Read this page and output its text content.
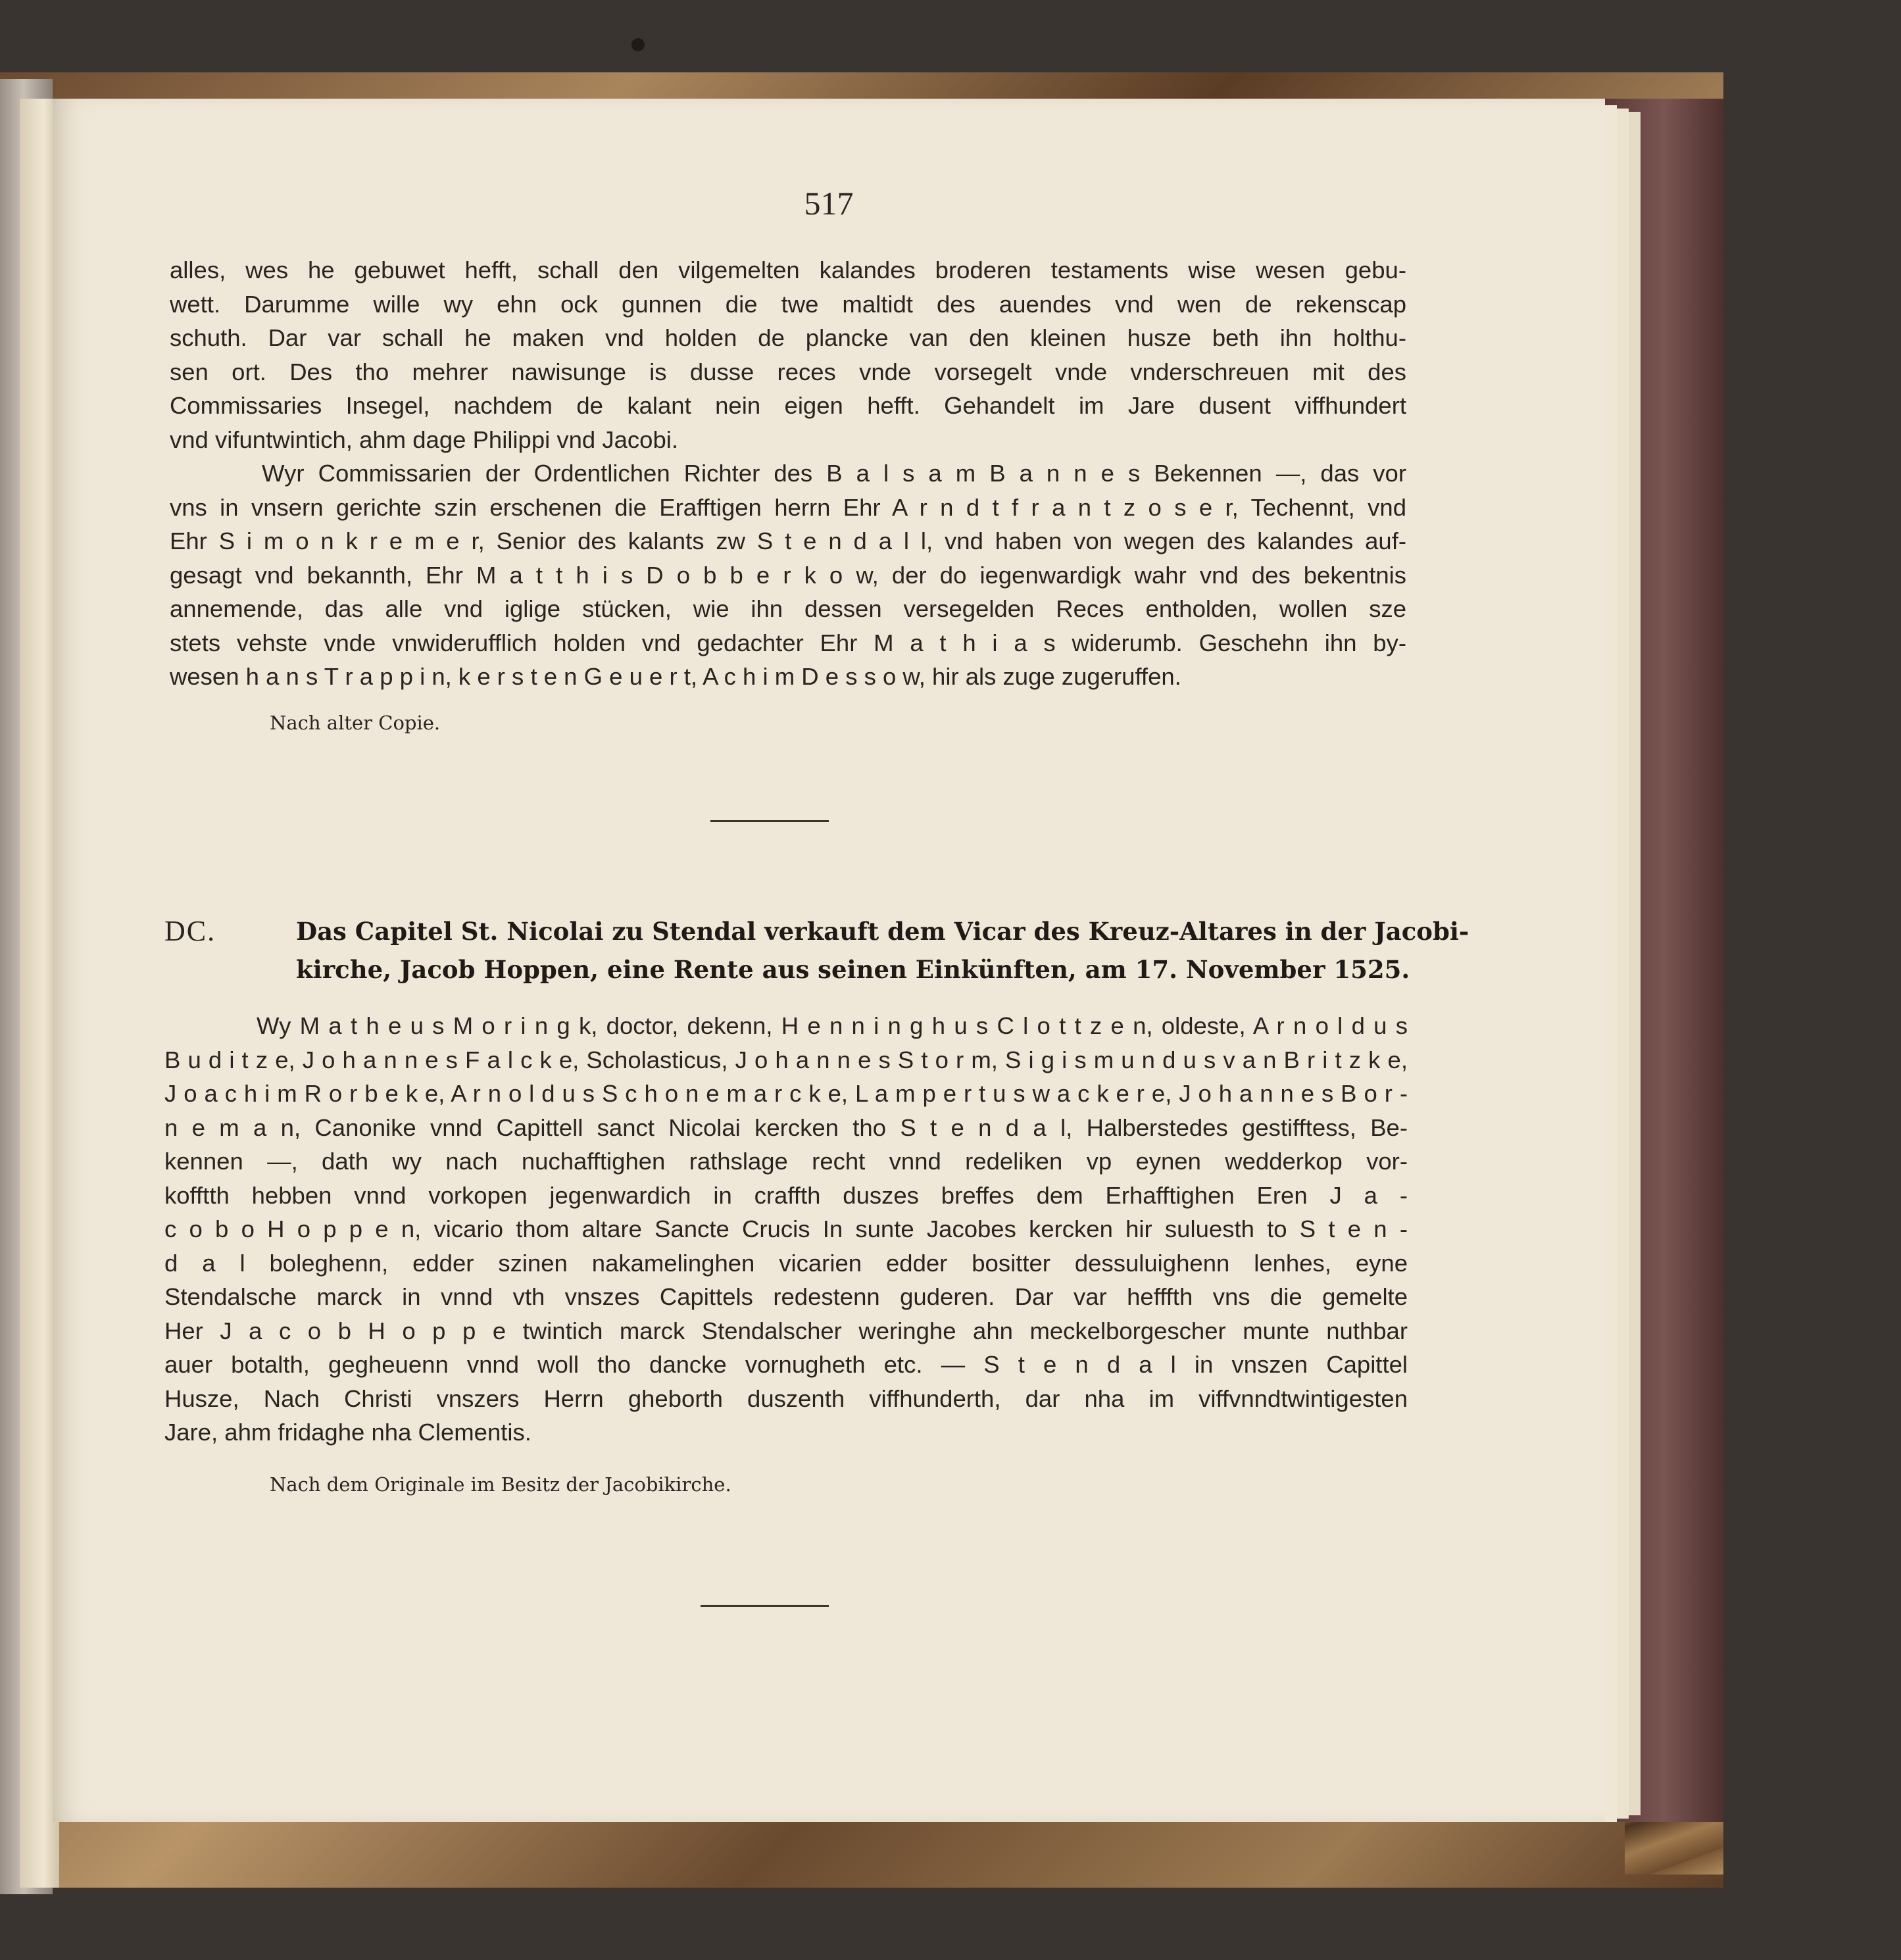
517
alles, wes he gebuwet hefft, schall den vilgemelten kalandes broderen testaments wise wesen gebu-
wett. Darumme wille wy ehn ock gunnen die twe maltidt des auendes vnd wen de rekenscap
schuth. Dar var schall he maken vnd holden de plancke van den kleinen husze beth ihn holthu-
sen ort. Des tho mehrer nawisunge is dusse reces vnde vorsegelt vnde vnderschreuen mit des
Commissaries Insegel, nachdem de kalant nein eigen hefft. Gehandelt im Jare dusent viffhundert
vnd vifuntwintich, ahm dage Philippi vnd Jacobi.
Wyr Commissarien der Ordentlichen Richter des B a l s a m B a n n e s Bekennen —, das vor
vns in vnsern gerichte szin erschenen die Erafftigen herrn Ehr A r n d t f r a n t z o s e r, Techennt, vnd
Ehr S i m o n k r e m e r, Senior des kalants zw S t e n d a l l, vnd haben von wegen des kalandes auf-
gesagt vnd bekannth, Ehr M a t t h i s D o b b e r k o w, der do iegenwardigk wahr vnd des bekentnis
annemende, das alle vnd iglige stücken, wie ihn dessen versegelden Reces entholden, wollen sze
stets vehste vnde vnwiderufflich holden vnd gedachter Ehr M a t h i a s widerumb. Geschehn ihn by-
wesen h a n s T r a p p i n, k e r s t e n G e u e r t, A c h i m D e s s o w, hir als zuge zugeruffen.
Nach alter Copie.
DC.	Das Capitel St. Nicolai zu Stendal verkauft dem Vicar des Kreuz-Altares in der Jacobi-
kirche, Jacob Hoppen, eine Rente aus seinen Einkünften, am 17. November 1525.
Wy M a t h e u s M o r i n g k, doctor, dekenn, H e n n i n g h u s C l o t t z e n, oldeste, A r n o l d u s
B u d i t z e, J o h a n n e s F a l c k e, Scholasticus, J o h a n n e s S t o r m, S i g i s m u n d u s v a n B r i t z k e,
J o a c h i m R o r b e k e, A r n o l d u s S c h o n e m a r c k e, L a m p e r t u s w a c k e r e, J o h a n n e s B o r -
n e m a n, Canonike vnnd Capittell sanct Nicolai kercken tho S t e n d a l, Halberstedes gestifftess, Be-
kennen —, dath wy nach nuchafftighen rathslage recht vnnd redeliken vp eynen wedderkop vor-
kofftth hebben vnnd vorkopen jegenwardich in craffth duszes breffes dem Erhafftighen Eren J a -
c o b o H o p p e n, vicario thom altare Sancte Crucis In sunte Jacobes kercken hir suluesth to S t e n -
d a l boleghenn, edder szinen nakamelinghen vicarien edder bositter dessuluighenn lenhes, eyne
Stendalsche marck in vnnd vth vnszes Capittels redestenn guderen. Dar var hefffth vns die gemelte
Her J a c o b H o p p e twintich marck Stendalscher weringhe ahn meckelborgescher munte nuthbar
auer botalth, gegheuenn vnnd woll tho dancke vornugheth etc. — S t e n d a l in vnszen Capittel
Husze, Nach Christi vnszers Herrn gheborth duszenth viffhunderth, dar nha im viffvnndtwintigesten
Jare, ahm fridaghe nha Clementis.
Nach dem Originale im Besitz der Jacobikirche.
